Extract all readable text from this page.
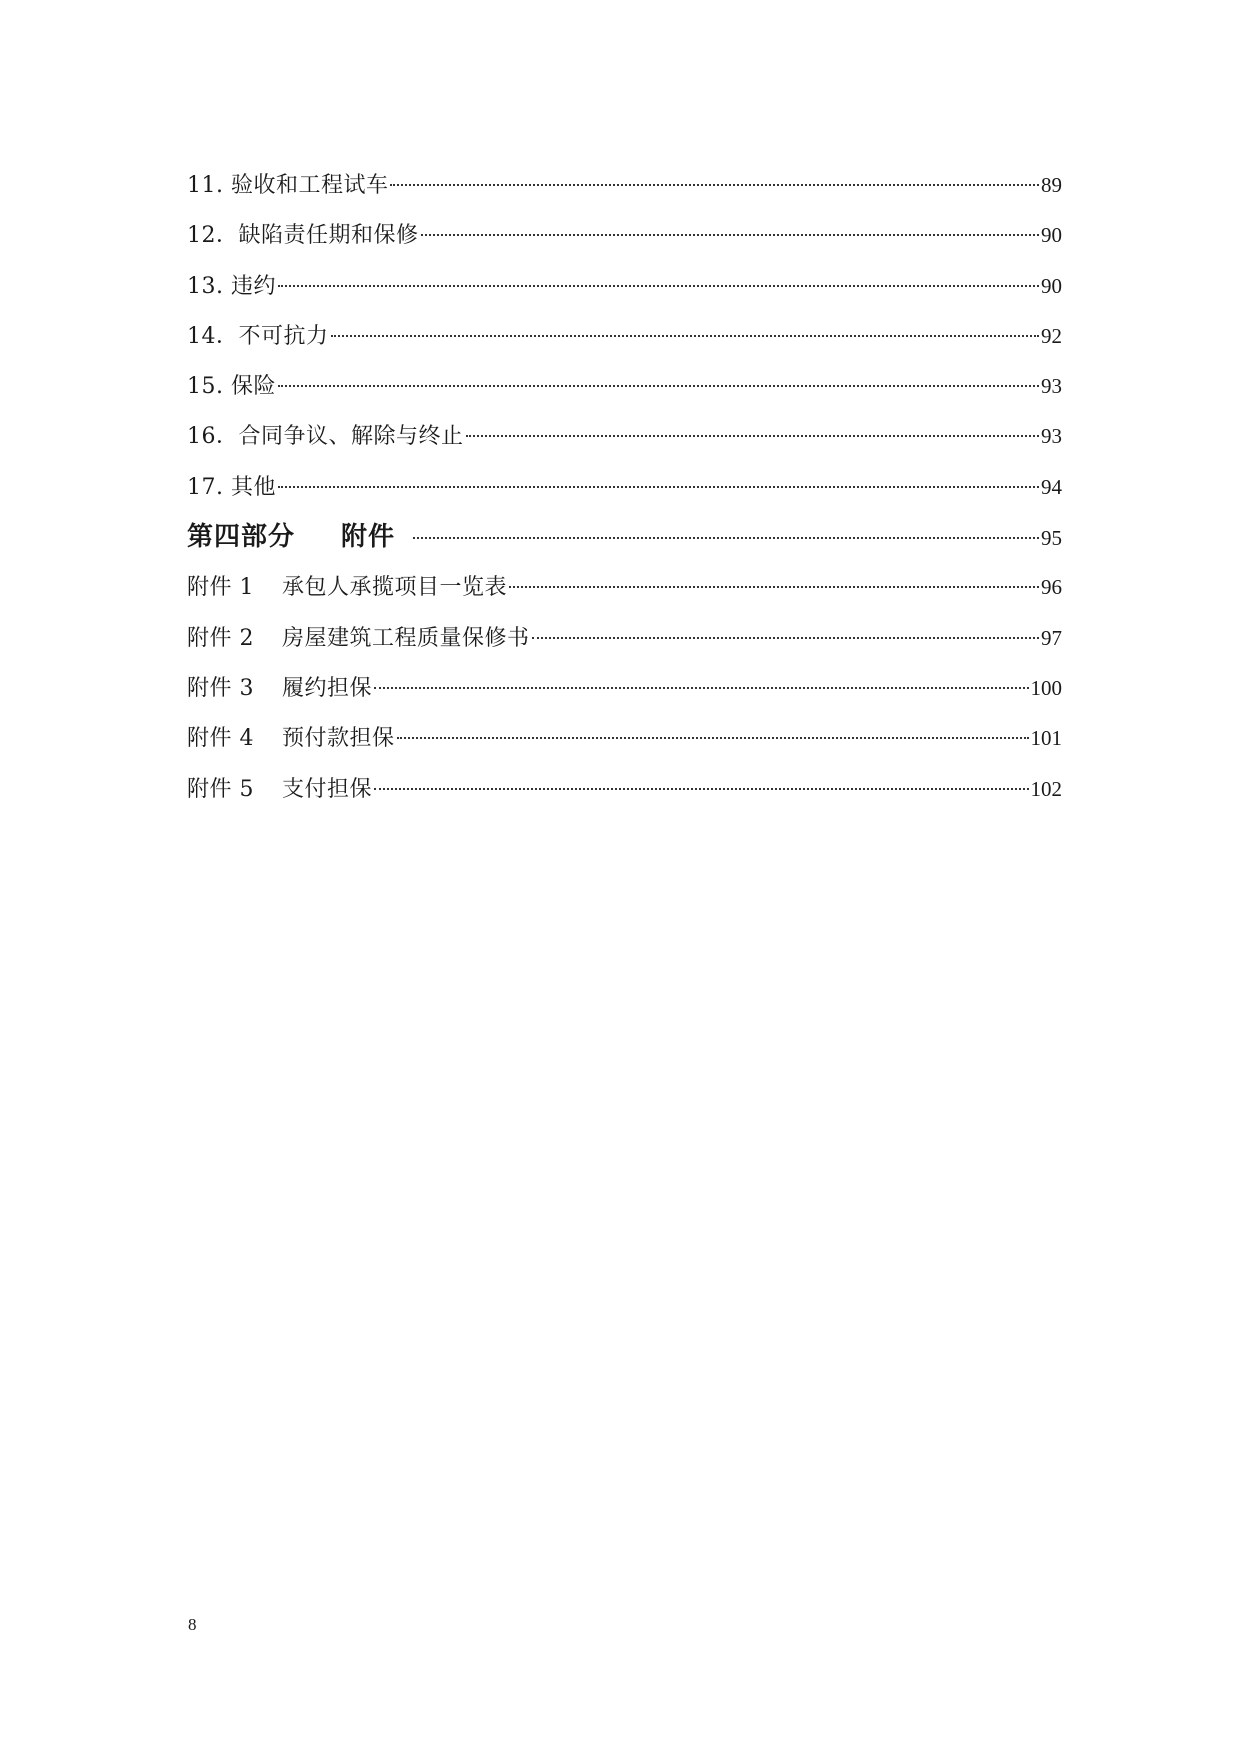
11. 验收和工程试车	89
12．缺陷责任期和保修	90
13. 违约	90
14．不可抗力	92
15. 保险	93
16．合同争议、解除与终止	93
17. 其他	94
第四部分 附件	95
附件 1 承包人承揽项目一览表	96
附件 2 房屋建筑工程质量保修书	97
附件 3 履约担保	100
附件 4 预付款担保	101
附件 5 支付担保	102
8
